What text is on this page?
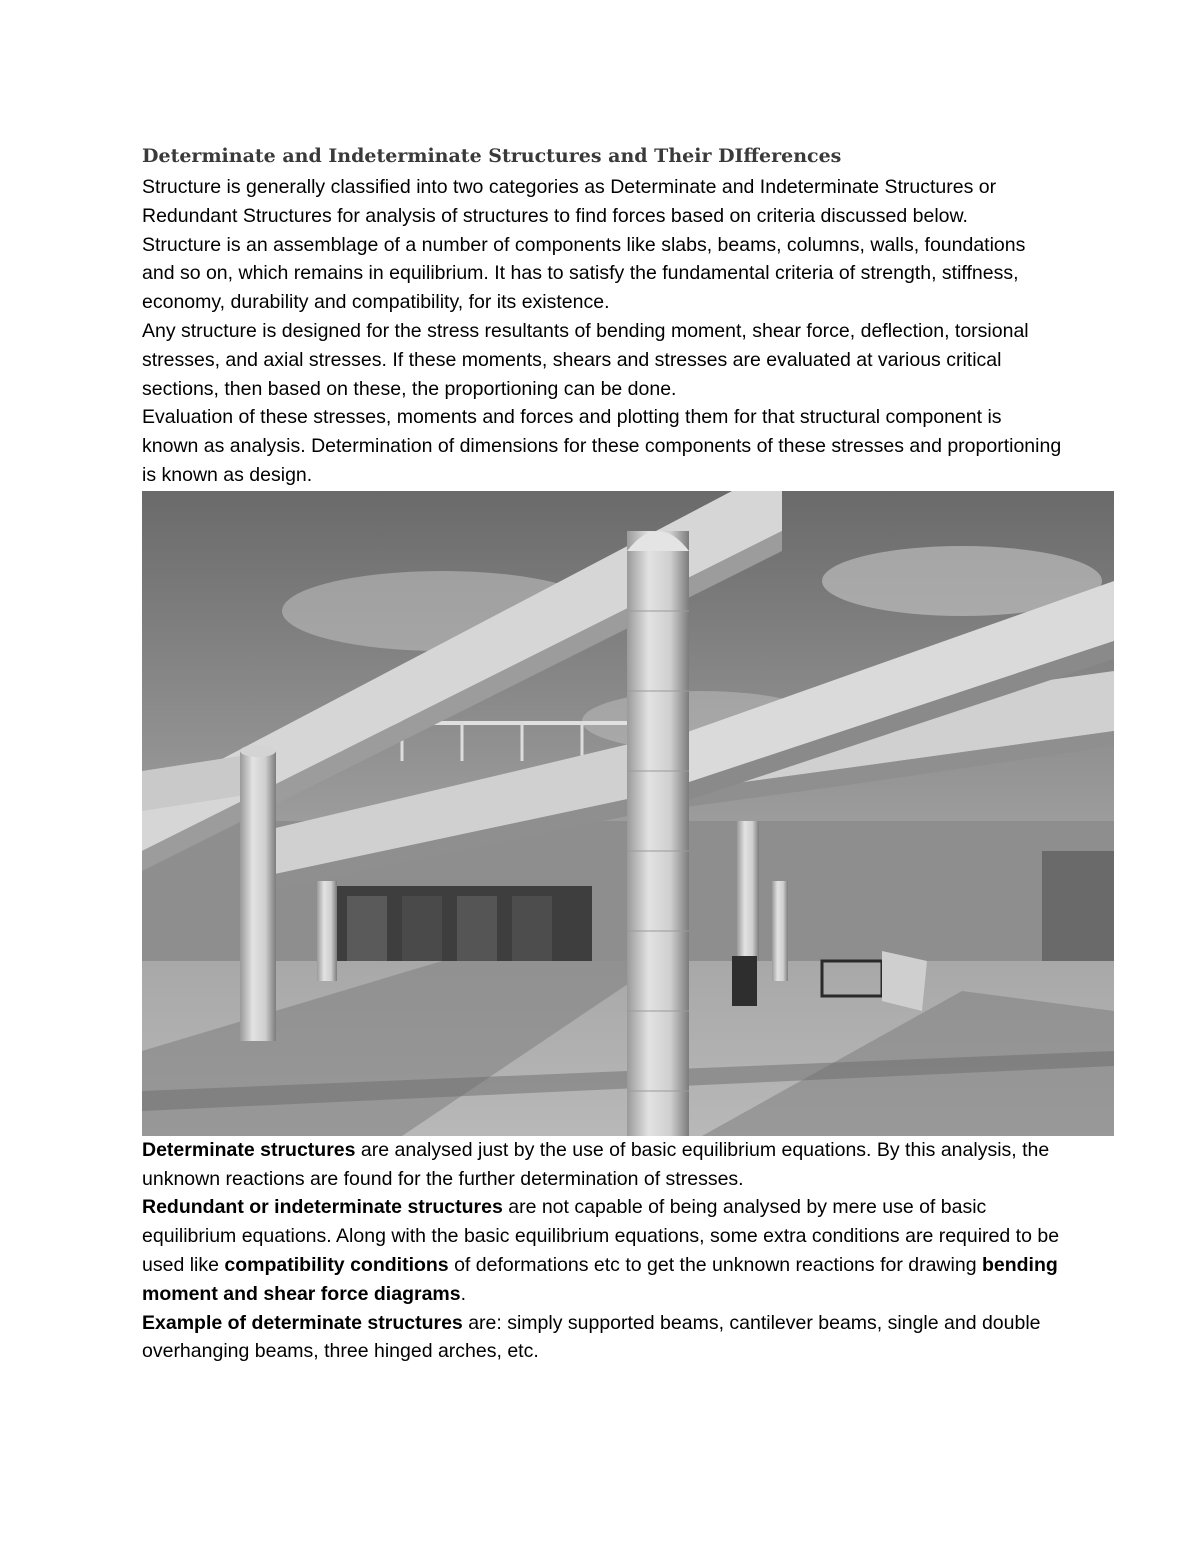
Determinate and Indeterminate Structures and Their DIfferences

Structure is generally classified into two categories as Determinate and Indeterminate Structures or Redundant Structures for analysis of structures to find forces based on criteria discussed below.

Structure is an assemblage of a number of components like slabs, beams, columns, walls, foundations and so on, which remains in equilibrium. It has to satisfy the fundamental criteria of strength, stiffness, economy, durability and compatibility, for its existence.

Any structure is designed for the stress resultants of bending moment, shear force, deflection, torsional stresses, and axial stresses. If these moments, shears and stresses are evaluated at various critical sections, then based on these, the proportioning can be done.

Evaluation of these stresses, moments and forces and plotting them for that structural component is known as analysis. Determination of dimensions for these components of these stresses and proportioning is known as design.

Determinate structures are analysed just by the use of basic equilibrium equations. By this analysis, the unknown reactions are found for the further determination of stresses.

Redundant or indeterminate structures are not capable of being analysed by mere use of basic equilibrium equations. Along with the basic equilibrium equations, some extra conditions are required to be used like compatibility conditions of deformations etc to get the unknown reactions for drawing bending moment and shear force diagrams.

Example of determinate structures are: simply supported beams, cantilever beams, single and double overhanging beams, three hinged arches, etc.
